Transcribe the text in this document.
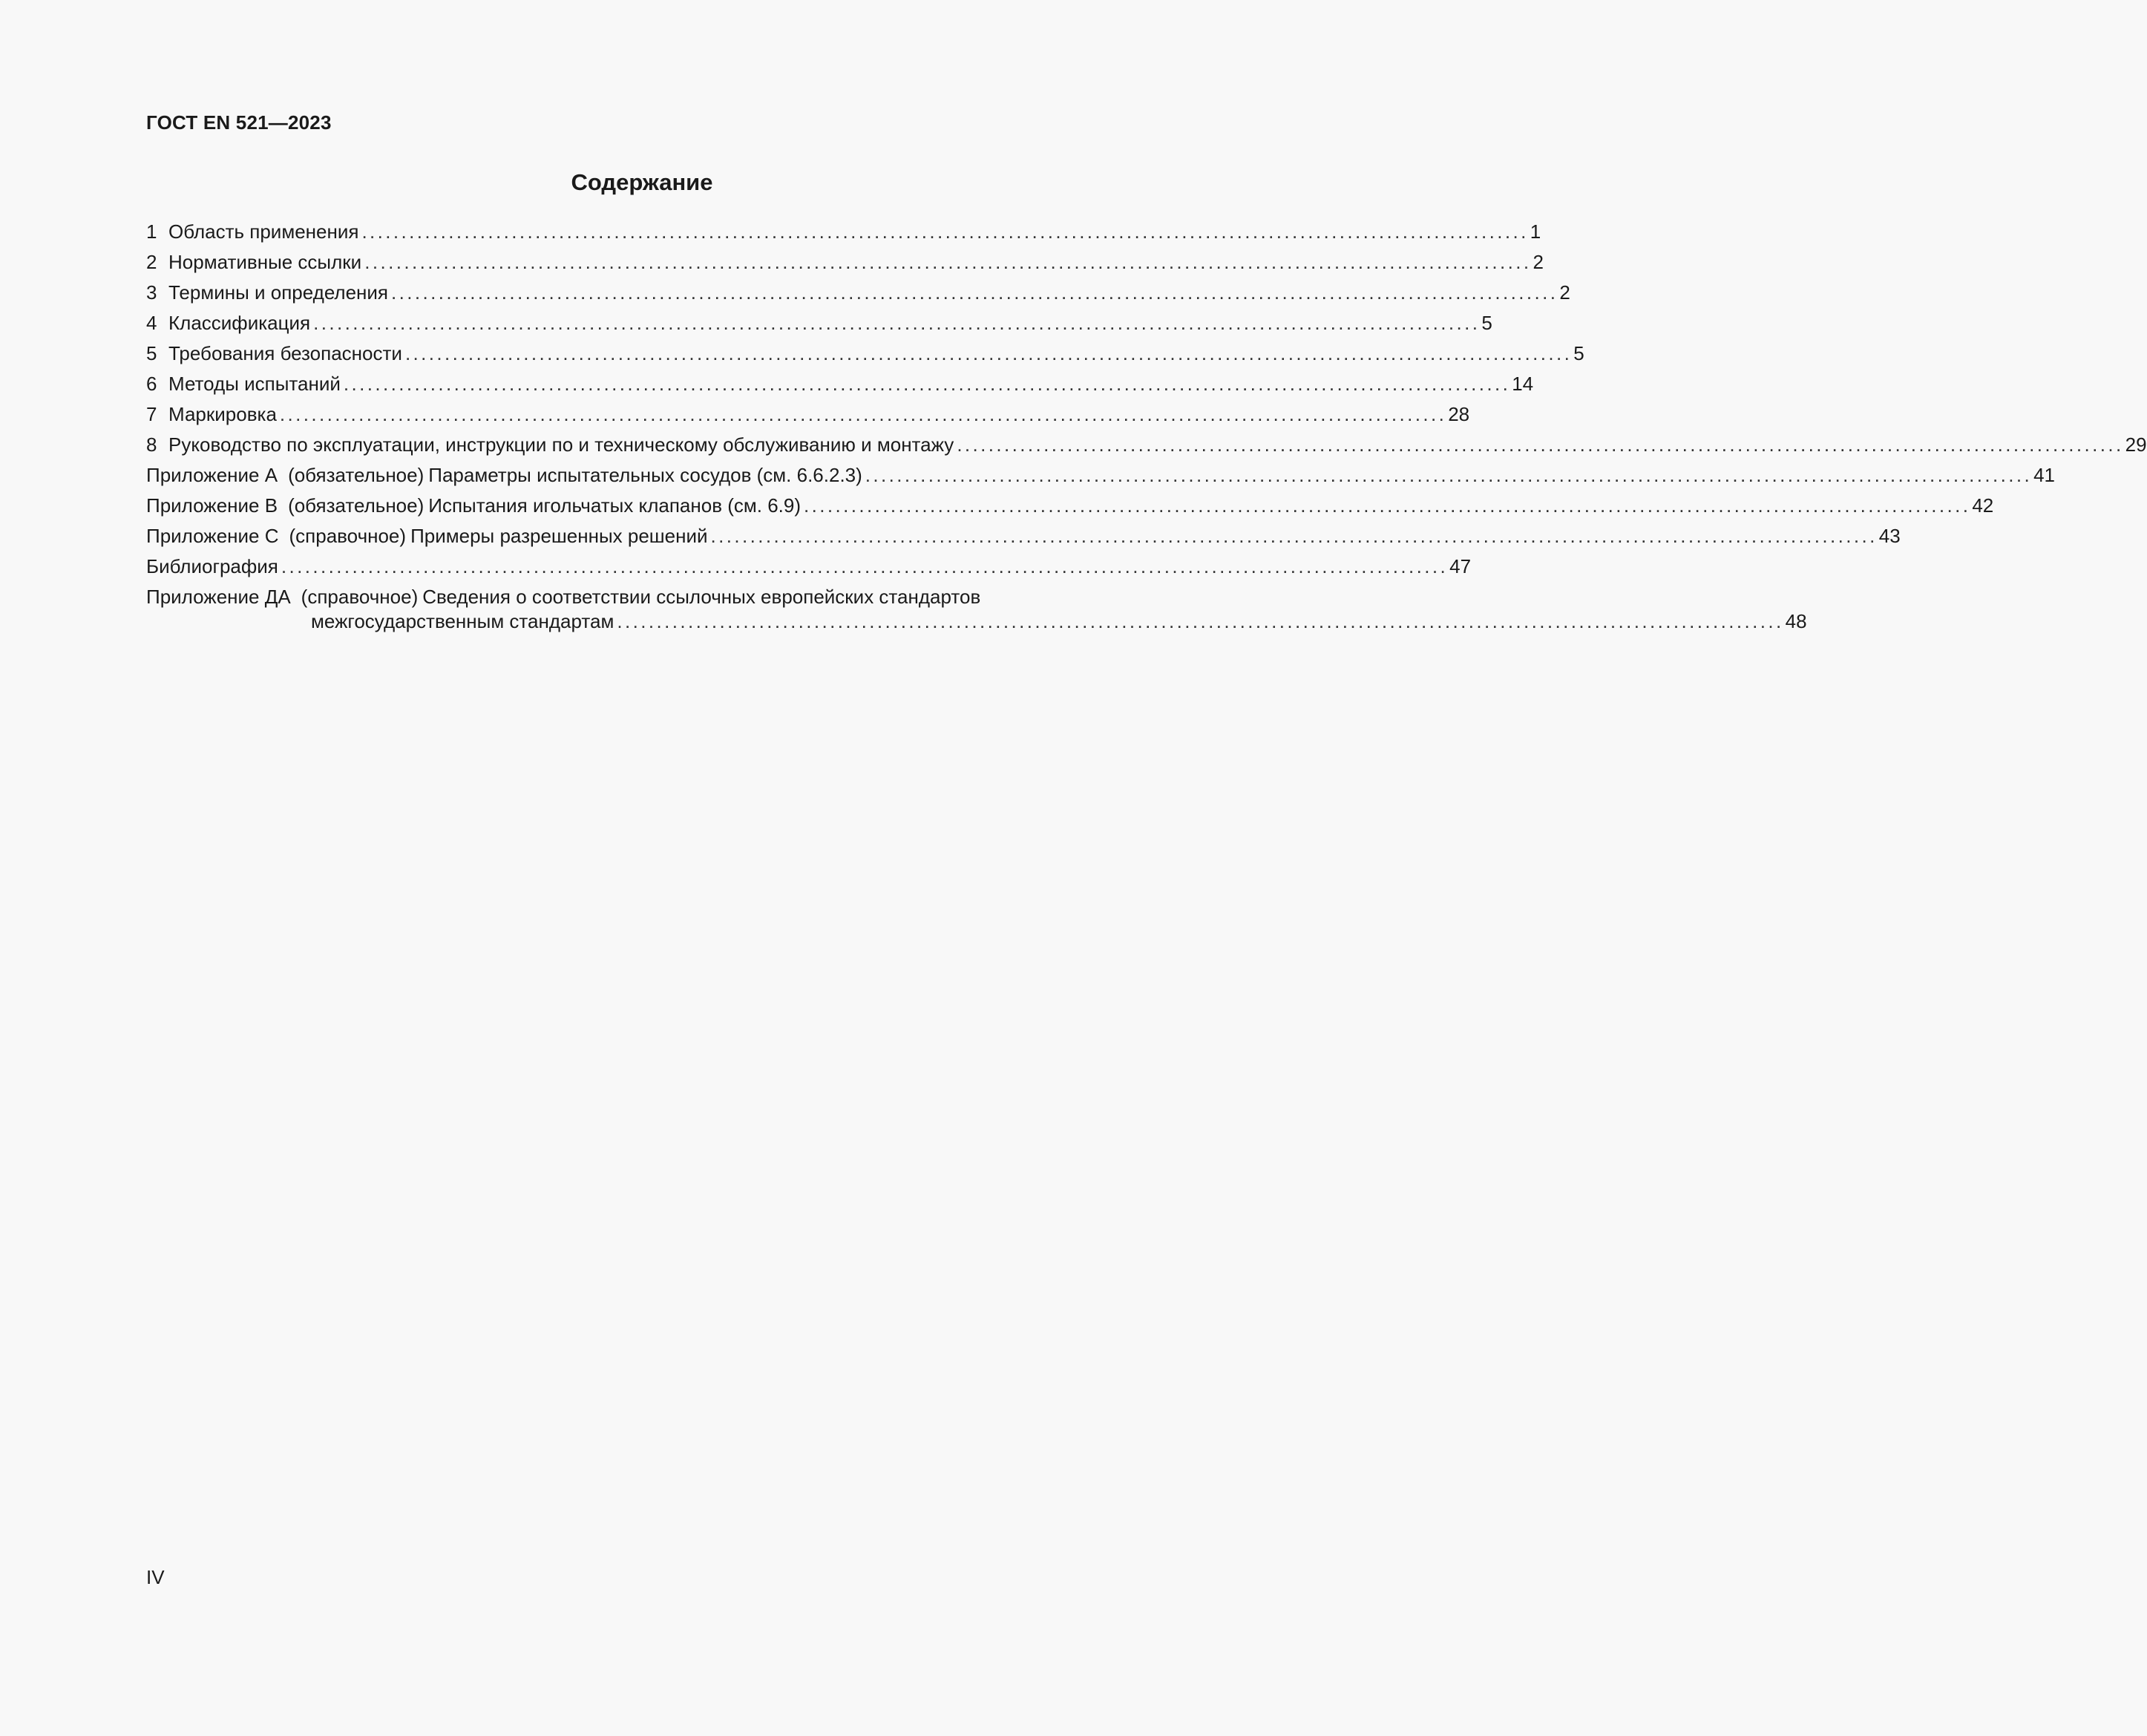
ГОСТ EN 521—2023
Содержание
1 Область применения .................................................................................................................................................... 1
2 Нормативные ссылки .................................................................................................................................................... 2
3 Термины и определения .................................................................................................................................................... 2
4 Классификация .................................................................................................................................................... 5
5 Требования безопасности .................................................................................................................................................... 5
6 Методы испытаний .................................................................................................................................................... 14
7 Маркировка .................................................................................................................................................... 28
8 Руководство по эксплуатации, инструкции по и техническому обслуживанию и монтажу .................................................................................................................................................... 29
Приложение А (обязательное) Параметры испытательных сосудов (см. 6.6.2.3) .................................................................................................................................................... 41
Приложение В (обязательное) Испытания игольчатых клапанов (см. 6.9) .................................................................................................................................................... 42
Приложение С (справочное) Примеры разрешенных решений .................................................................................................................................................... 43
Библиография .................................................................................................................................................... 47
Приложение ДА (справочное) Сведения о соответствии ссылочных европейских стандартов
межгосударственным стандартам .................................................................................................................................................... 48
IV
